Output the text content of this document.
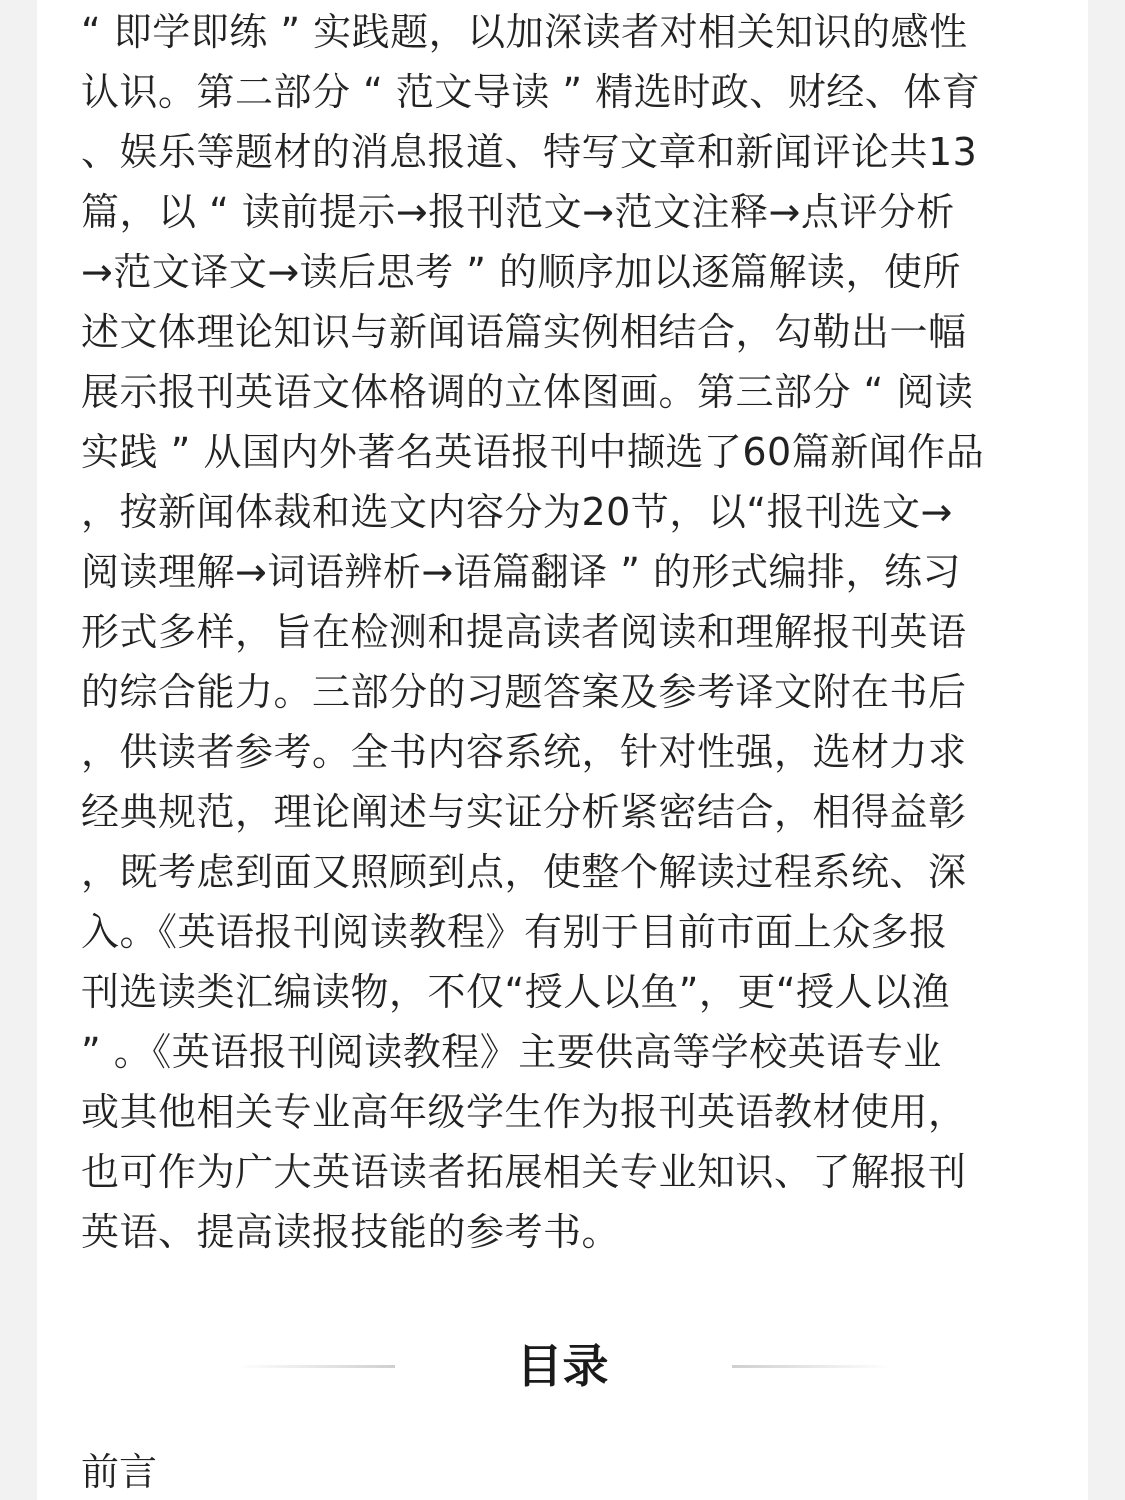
“ 即学即练 ” 实践题，以加深读者对相关知识的感性
认识。第二部分 “ 范文导读 ” 精选时政、财经、体育
、娱乐等题材的消息报道、特写文章和新闻评论共13
篇，以 “ 读前提示→报刊范文→范文注释→点评分析
→范文译文→读后思考 ” 的顺序加以逐篇解读，使所
述文体理论知识与新闻语篇实例相结合，勾勒出一幅
展示报刊英语文体格调的立体图画。第三部分 “ 阅读
实践 ” 从国内外著名英语报刊中撷选了60篇新闻作品
，按新闻体裁和选文内容分为20节，以“报刊选文→
阅读理解→词语辨析→语篇翻译 ” 的形式编排，练习
形式多样，旨在检测和提高读者阅读和理解报刊英语
的综合能力。三部分的习题答案及参考译文附在书后
，供读者参考。全书内容系统，针对性强，选材力求
经典规范，理论阐述与实证分析紧密结合，相得益彰
，既考虑到面又照顾到点，使整个解读过程系统、深
入。《英语报刊阅读教程》有别于目前市面上众多报
刊选读类汇编读物，不仅“授人以鱼”，更“授人以渔
” 。《英语报刊阅读教程》主要供高等学校英语专业
或其他相关专业高年级学生作为报刊英语教材使用，
也可作为广大英语读者拓展相关专业知识、了解报刊
英语、提高读报技能的参考书。

目录
前言
